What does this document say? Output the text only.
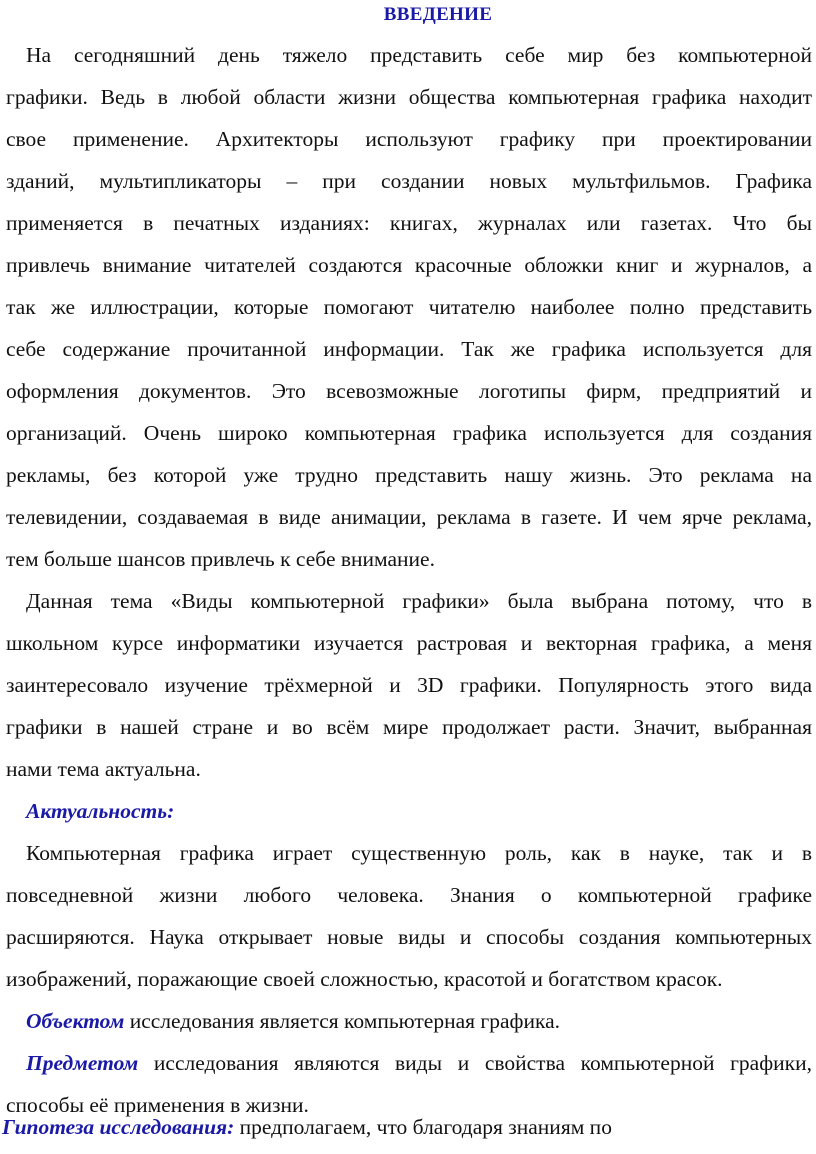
ВВЕДЕНИЕ
На сегодняшний день тяжело представить себе мир без компьютерной
графики. Ведь в любой области жизни общества компьютерная графика находит
свое применение. Архитекторы используют графику при проектировании
зданий, мультипликаторы – при создании новых мультфильмов. Графика
применяется в печатных изданиях: книгах, журналах или газетах. Что бы
привлечь внимание читателей создаются красочные обложки книг и журналов, а
так же иллюстрации, которые помогают читателю наиболее полно представить
себе содержание прочитанной информации. Так же графика используется для
оформления документов. Это всевозможные логотипы фирм, предприятий и
организаций. Очень широко компьютерная графика используется для создания
рекламы, без которой уже трудно представить нашу жизнь. Это реклама на
телевидении, создаваемая в виде анимации, реклама в газете. И чем ярче реклама,
тем больше шансов привлечь к себе внимание.
Данная тема «Виды компьютерной графики» была выбрана потому, что в
школьном курсе информатики изучается растровая и векторная графика, а меня
заинтересовало изучение трёхмерной и 3D графики. Популярность этого вида
графики в нашей стране и во всём мире продолжает расти. Значит, выбранная
нами тема актуальна.
Актуальность:
Компьютерная графика играет существенную роль, как в науке, так и в
повседневной жизни любого человека. Знания о компьютерной графике
расширяются. Наука открывает новые виды и способы создания компьютерных
изображений, поражающие своей сложностью, красотой и богатством красок.
Объектом исследования является компьютерная графика.
Предметом исследования являются виды и свойства компьютерной графики,
способы её применения в жизни.
Гипотеза исследования: предполагаем, что благодаря знаниям по
